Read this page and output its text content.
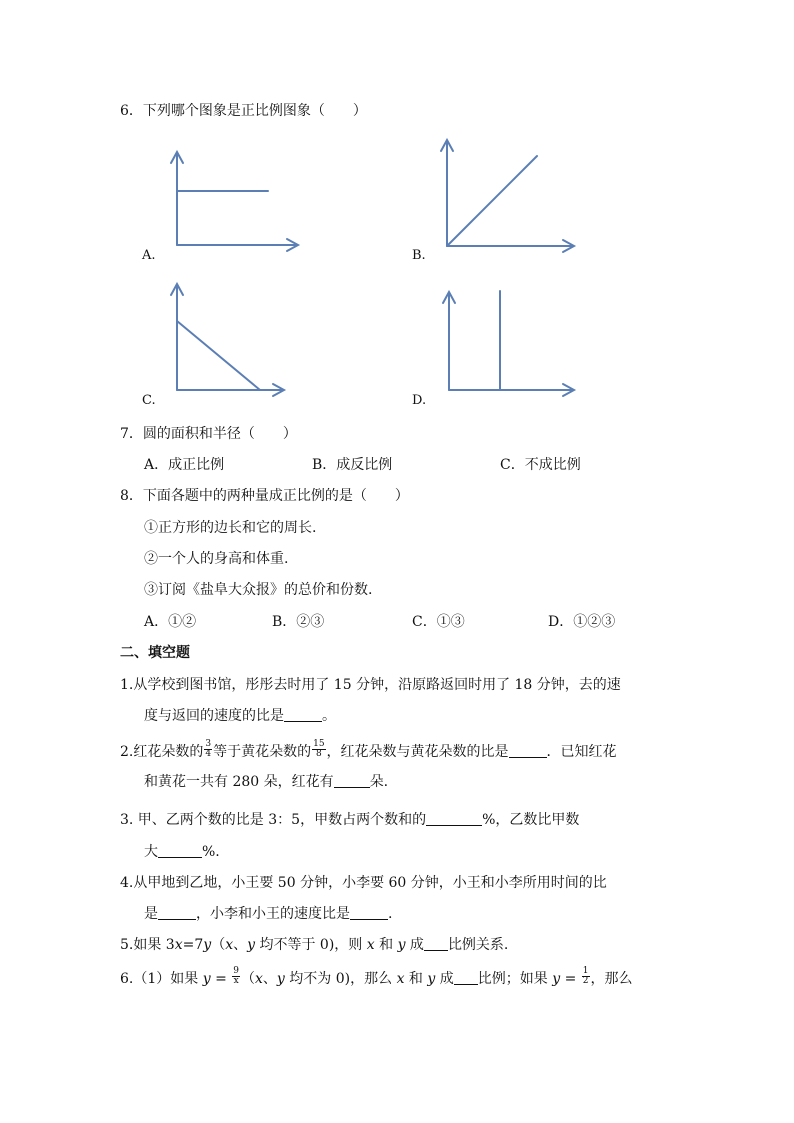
6．下列哪个图象是正比例图象（　　）
A.	B.
C.	D.
7．圆的面积和半径（　　）
A．成正比例	B．成反比例	C．不成比例
8．下面各题中的两种量成正比例的是（　　）
①正方形的边长和它的周长.
②一个人的身高和体重.
③订阅《盐阜大众报》的总价和份数.
A．①②	B．②③	C．①③	D．①②③
二、填空题
1.从学校到图书馆，彤彤去时用了 15 分钟，沿原路返回时用了 18 分钟，去的速
度与返回的速度的比是	。
2.红花朵数的 $\frac{3}{4}$ 等于黄花朵数的 $\frac{15}{8}$ ，红花朵数与黄花朵数的比是	．已知红花
和黄花一共有 280 朵，红花有	朵.
3. 甲、乙两个数的比是 3：5，甲数占两个数和的	%，乙数比甲数
大	%.
4.从甲地到乙地，小王要 50 分钟，小李要 60 分钟，小王和小李所用时间的比
是	，小李和小王的速度比是	.
5.如果 3x=7y（x、y 均不等于 0)，则 x 和 y 成 比例关系.
6.（1）如果 $y = \frac{9}{x} (x$、y 均不为 0)，那么 x 和 y 成 比例；如果 $y = \frac{1}{2}$ ，那么
